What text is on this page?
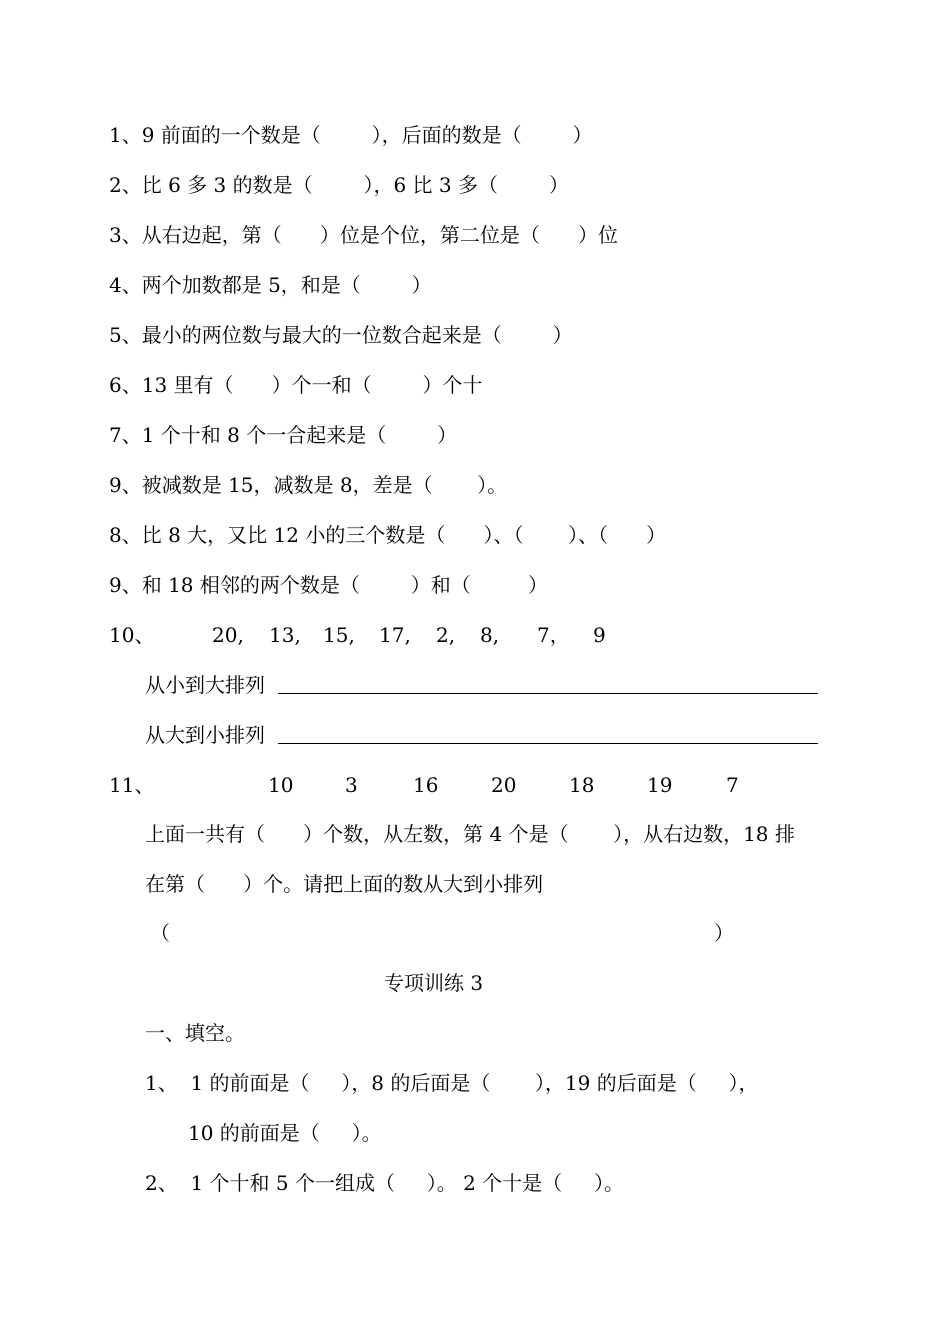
1、9 前面的一个数是（        ），后面的数是（        ）
2、比 6 多 3 的数是（        ），6 比 3 多（        ）
3、从右边起，第（      ）位是个位，第二位是（      ）位
4、两个加数都是 5，和是（        ）
5、最小的两位数与最大的一位数合起来是（        ）
6、13 里有（      ）个一和（        ）个十
7、1 个十和 8 个一合起来是（        ）
9、被减数是 15，减数是 8，差是（       ）。
8、比 8 大，又比 12 小的三个数是（      ）、（       ）、（      ）
9、和 18 相邻的两个数是（        ）和（         ）
10、	20, 13, 15, 17, 2, 8, 7， 9
从小到大排列
从大到小排列
11、	10	3	16	20	18	19	7
上面一共有（      ）个数，从左数，第 4 个是（       ），从右边数，18 排
在第（      ）个。请把上面的数从大到小排列
（	）
专项训练 3
一、填空。
1、  1 的前面是（     ），8 的后面是（       ），19 的后面是（     ），
10 的前面是（     ）。
2、  1 个十和 5 个一组成（     ）。 2 个十是（     ）。
